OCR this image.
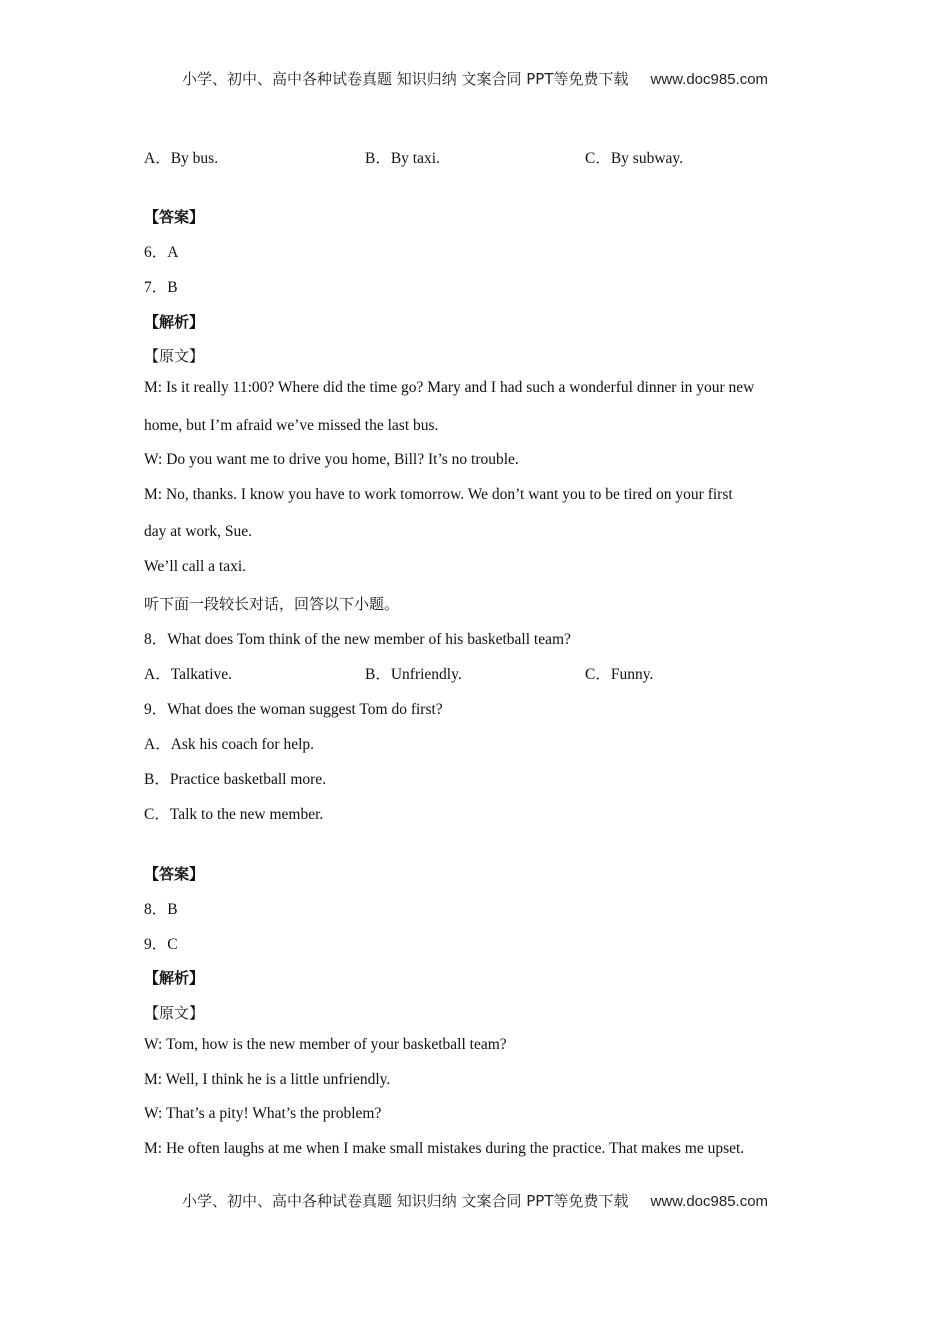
小学、初中、高中各种试卷真题 知识归纳 文案合同 PPT等免费下载 www.doc985.com
A．By bus.	B．By taxi.	C．By subway.
【答案】
6．A
7．B
【解析】
【原文】
M: Is it really 11:00? Where did the time go? Mary and I had such a wonderful dinner in your new
home, but I’m afraid we’ve missed the last bus.
W: Do you want me to drive you home, Bill? It’s no trouble.
M: No, thanks. I know you have to work tomorrow. We don’t want you to be tired on your first
day at work, Sue.
We’ll call a taxi.
听下面一段较长对话，回答以下小题。
8．What does Tom think of the new member of his basketball team?
A．Talkative.	B．Unfriendly.	C．Funny.
9．What does the woman suggest Tom do first?
A．Ask his coach for help.
B．Practice basketball more.
C．Talk to the new member.
【答案】
8．B
9．C
【解析】
【原文】
W: Tom, how is the new member of your basketball team?
M: Well, I think he is a little unfriendly.
W: That’s a pity! What’s the problem?
M: He often laughs at me when I make small mistakes during the practice. That makes me upset.
小学、初中、高中各种试卷真题 知识归纳 文案合同 PPT等免费下载 www.doc985.com
